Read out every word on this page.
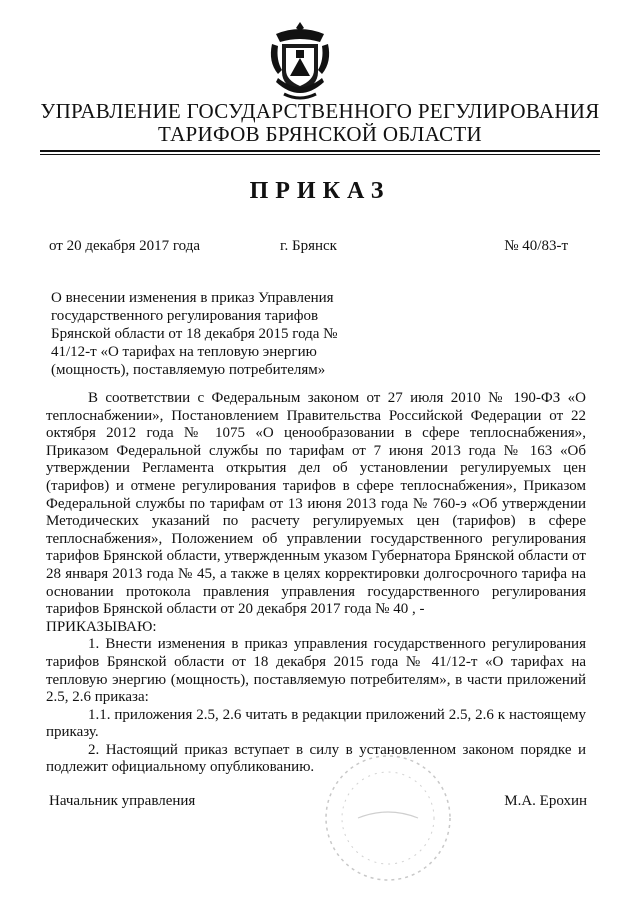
УПРАВЛЕНИЕ ГОСУДАРСТВЕННОГО РЕГУЛИРОВАНИЯ
ТАРИФОВ БРЯНСКОЙ ОБЛАСТИ
ПРИКАЗ
от 20 декабря 2017 года	г. Брянск	№ 40/83-т
О внесении изменения в приказ Управления государственного регулирования тарифов Брянской области от 18 декабря 2015 года № 41/12-т «О тарифах на тепловую энергию (мощность), поставляемую потребителям»

В соответствии с Федеральным законом от 27 июля 2010 № 190-ФЗ «О теплоснабжении», Постановлением Правительства Российской Федерации от 22 октября 2012 года № 1075 «О ценообразовании в сфере теплоснабжения», Приказом Федеральной службы по тарифам от 7 июня 2013 года № 163 «Об утверждении Регламента открытия дел об установлении регулируемых цен (тарифов) и отмене регулирования тарифов в сфере теплоснабжения», Приказом Федеральной службы по тарифам от 13 июня 2013 года № 760-э «Об утверждении Методических указаний по расчету регулируемых цен (тарифов) в сфере теплоснабжения», Положением об управлении государственного регулирования тарифов Брянской области, утвержденным указом Губернатора Брянской области от 28 января 2013 года № 45, а также в целях корректировки долгосрочного тарифа на основании протокола правления управления государственного регулирования тарифов Брянской области от 20 декабря 2017 года № 40 , -

ПРИКАЗЫВАЮ:

1. Внести изменения в приказ управления государственного регулирования тарифов Брянской области от 18 декабря 2015 года № 41/12-т «О тарифах на тепловую энергию (мощность), поставляемую потребителям», в части приложений 2.5, 2.6 приказа:

1.1. приложения 2.5, 2.6 читать в редакции приложений 2.5, 2.6 к настоящему приказу.

2. Настоящий приказ вступает в силу в установленном законом порядке и подлежит официальному опубликованию.

Начальник управления	М.А. Ерохин
